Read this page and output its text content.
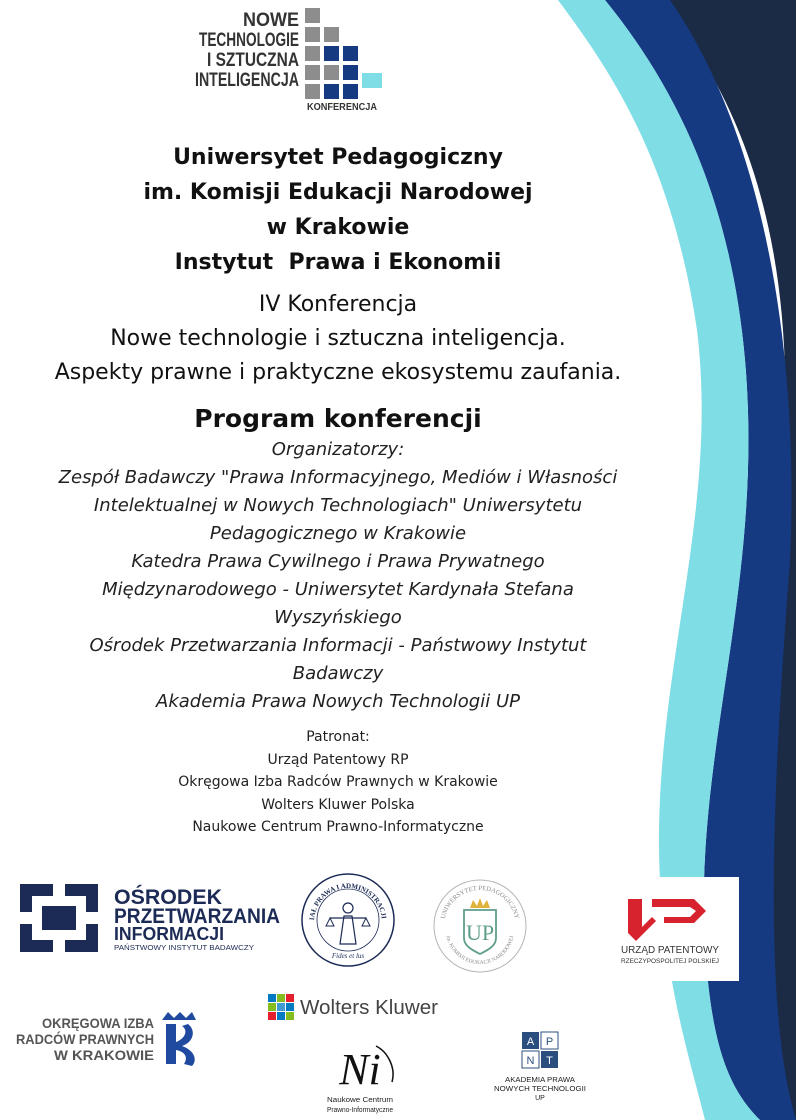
NOWE
TECHNOLOGIE
I SZTUCZNA
INTELIGENCJA
KONFERENCJA
Uniwersytet Pedagogiczny
im. Komisji Edukacji Narodowej
w Krakowie
Instytut  Prawa i Ekonomii
IV Konferencja
Nowe technologie i sztuczna inteligencja.
Aspekty prawne i praktyczne ekosystemu zaufania.
Program konferencji
Organizatorzy:
Zespół Badawczy "Prawa Informacyjnego, Mediów i Własności
Intelektualnej w Nowych Technologiach" Uniwersytetu
Pedagogicznego w Krakowie
Katedra Prawa Cywilnego i Prawa Prywatnego
Międzynarodowego - Uniwersytet Kardynała Stefana
Wyszyńskiego
Ośrodek Przetwarzania Informacji - Państwowy Instytut
Badawczy
Akademia Prawa Nowych Technologii UP
Patronat:
Urząd Patentowy RP
Okręgowa Izba Radców Prawnych w Krakowie
Wolters Kluwer Polska
Naukowe Centrum Prawno-Informatyczne
OŚRODEK
PRZETWARZANIA
INFORMACJI
PAŃSTWOWY INSTYTUT BADAWCZY
IAŁ PRAWA I ADMINISTRACJI
Fides et lus
UNIWERSYTET PEDAGOGICZNY
im. KOMISJI EDUKACJI NARODOWEJ
UP
URZĄD PATENTOWY
RZECZYPOSPOLITEJ POLSKIEJ
Wolters Kluwer
OKRĘGOWA IZBA
RADCÓW PRAWNYCH
W KRAKOWIE	Ni
Naukowe Centrum
Prawno-Informatyczne
A P
N T
AKADEMIA PRAWA
NOWYCH TECHNOLOGII
UP
